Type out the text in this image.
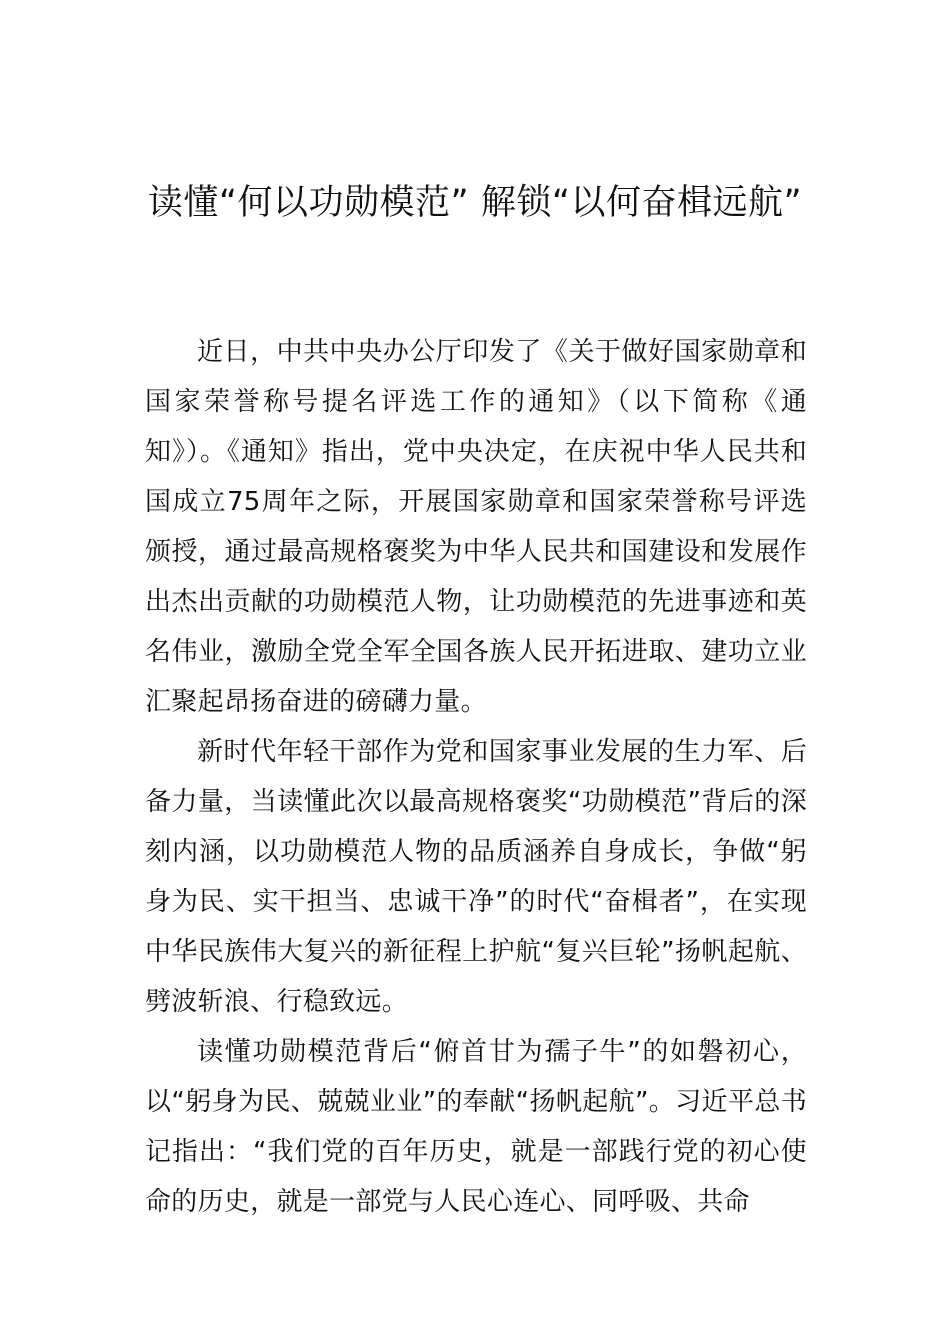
读懂“何以功勋模范” 解锁“以何奋楫远航”

近日，中共中央办公厅印发了《关于做好国家勋章和国家荣誉称号提名评选工作的通知》（以下简称《通知》）。《通知》指出，党中央决定，在庆祝中华人民共和国成立75周年之际，开展国家勋章和国家荣誉称号评选颁授，通过最高规格褒奖为中华人民共和国建设和发展作出杰出贡献的功勋模范人物，让功勋模范的先进事迹和英名伟业，激励全党全军全国各族人民开拓进取、建功立业汇聚起昂扬奋进的磅礴力量。

新时代年轻干部作为党和国家事业发展的生力军、后备力量，当读懂此次以最高规格褒奖“功勋模范”背后的深刻内涵，以功勋模范人物的品质涵养自身成长，争做“躬身为民、实干担当、忠诚干净”的时代“奋楫者”，在实现中华民族伟大复兴的新征程上护航“复兴巨轮”扬帆起航、劈波斩浪、行稳致远。

读懂功勋模范背后“俯首甘为孺子牛”的如磐初心，以“躬身为民、兢兢业业”的奉献“扬帆起航”。习近平总书记指出：“我们党的百年历史，就是一部践行党的初心使命的历史，就是一部党与人民心连心、同呼吸、共命
